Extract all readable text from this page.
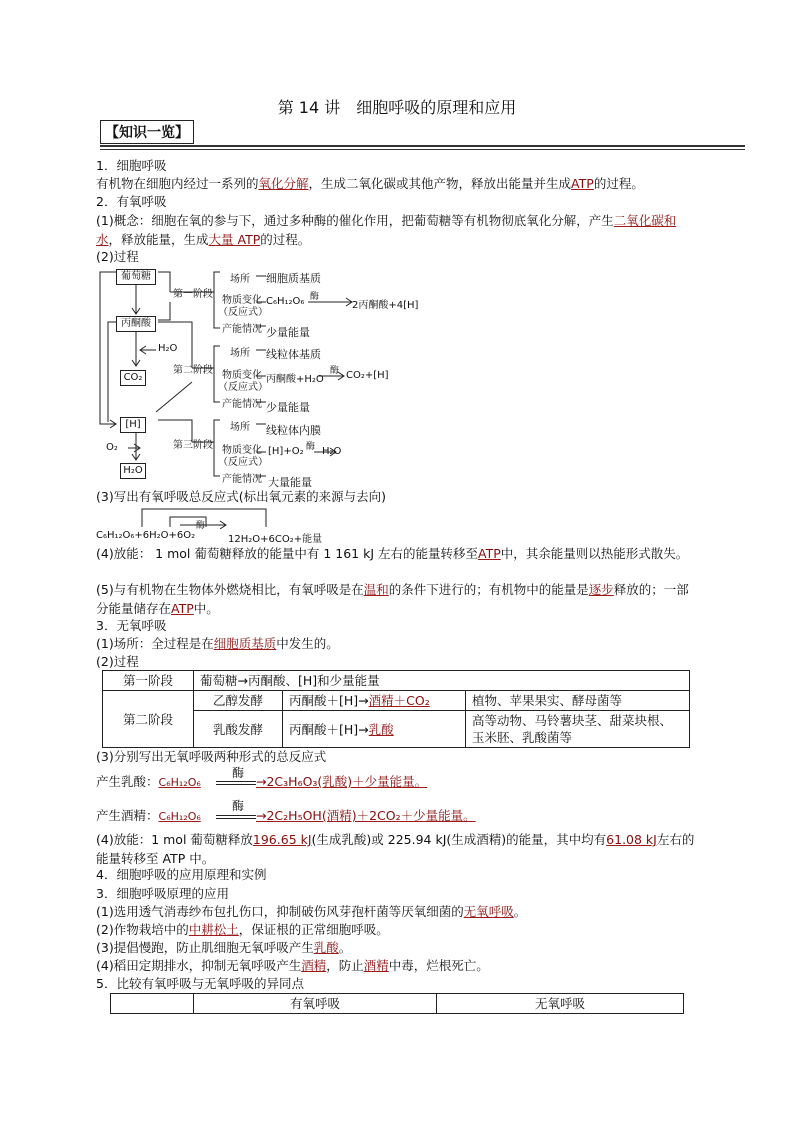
第 14 讲　细胞呼吸的原理和应用
【知识一览】
1．细胞呼吸
有机物在细胞内经过一系列的氧化分解，生成二氧化碳或其他产物，释放出能量并生成ATP的过程。
2．有氧呼吸
(1)概念：细胞在氧的参与下，通过多种酶的催化作用，把葡萄糖等有机物彻底氧化分解，产生二氧化碳和水，释放能量，生成大量 ATP的过程。
(2)过程
葡萄糖
丙酮酸
H₂O
CO₂
[H]
O₂
H₂O
第一阶段
第二阶段
第三阶段
场所
物质变化
（反应式）
产能情况
细胞质基质
C₆H₁₂O₆ 酶
2丙酮酸+4[H]
少量能量
场所
物质变化
（反应式）
产能情况
线粒体基质
丙酮酸+H₂O
酶 CO₂+[H]
少量能量
场所
物质变化
（反应式）
产能情况
线粒体内膜
[H]+O₂ 酶 H₂O
大量能量
(3)写出有氧呼吸总反应式(标出氧元素的来源与去向)
C₆H₁₂O₆+6H₂O+6O₂
酶
12H₂O+6CO₂+能量
(4)放能： 1 mol 葡萄糖释放的能量中有 1 161 kJ 左右的能量转移至ATP中，其余能量则以热能形式散失。
(5)与有机物在生物体外燃烧相比，有氧呼吸是在温和的条件下进行的；有机物中的能量是逐步释放的；一部分能量储存在ATP中。
3．无氧呼吸
(1)场所：全过程是在细胞质基质中发生的。
(2)过程
第一阶段	葡萄糖→丙酮酸、[H]和少量能量		
第二阶段	乙醇发酵	丙酮酸＋[H]→酒精＋CO₂	植物、苹果果实、酵母菌等
	乳酸发酵	丙酮酸＋[H]→乳酸	高等动物、马铃薯块茎、甜菜块根、玉米胚、乳酸菌等
(3)分别写出无氧呼吸两种形式的总反应式
产生乳酸：C₆H₁₂O₆
酶
→2C₃H₆O₃(乳酸)＋少量能量。
产生酒精：C₆H₁₂O₆
酶
→2C₂H₅OH(酒精)＋2CO₂＋少量能量。
(4)放能：1 mol 葡萄糖释放196.65 kJ(生成乳酸)或 225.94 kJ(生成酒精)的能量，其中均有61.08 kJ左右的能量转移至 ATP 中。
4．细胞呼吸的应用原理和实例
3．细胞呼吸原理的应用
(1)选用透气消毒纱布包扎伤口，抑制破伤风芽孢杆菌等厌氧细菌的无氧呼吸。
(2)作物栽培中的中耕松土，保证根的正常细胞呼吸。
(3)提倡慢跑，防止肌细胞无氧呼吸产生乳酸。
(4)稻田定期排水，抑制无氧呼吸产生酒精，防止酒精中毒，烂根死亡。
5．比较有氧呼吸与无氧呼吸的异同点
	有氧呼吸	无氧呼吸
